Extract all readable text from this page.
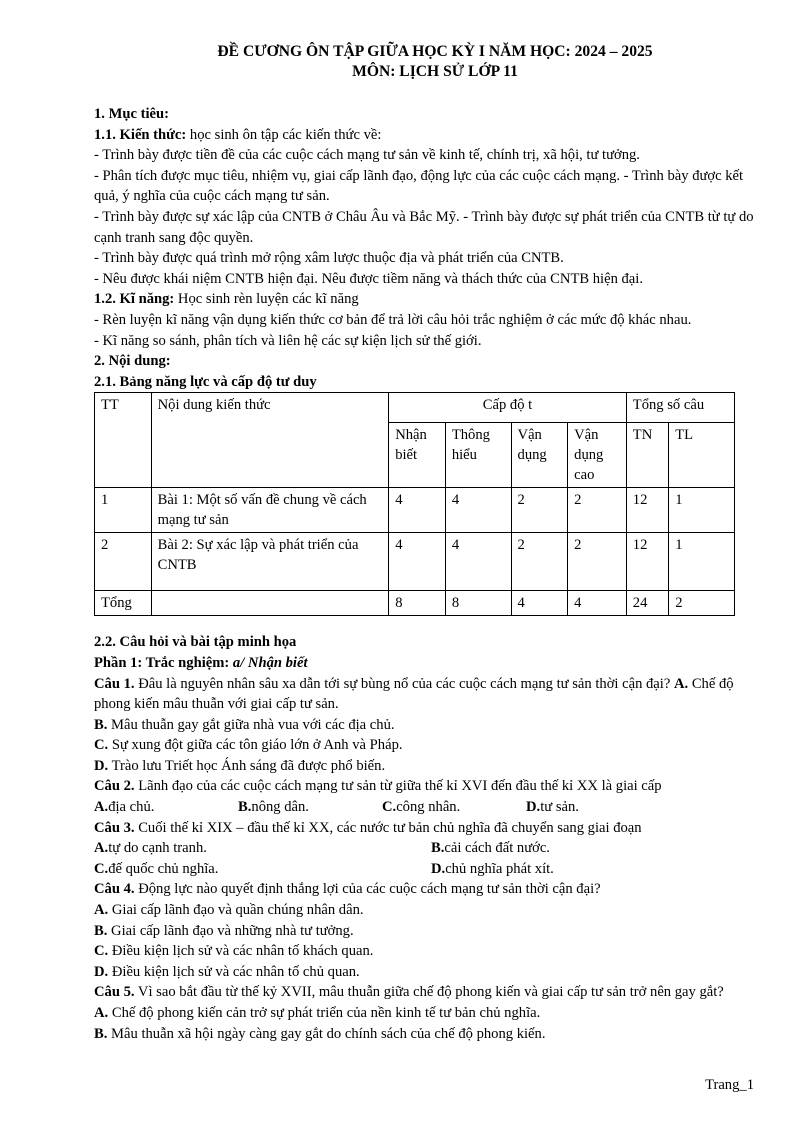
ĐỀ CƯƠNG ÔN TẬP GIỮA HỌC KỲ I NĂM HỌC: 2024 – 2025
MÔN: LỊCH SỬ LỚP 11

1. Mục tiêu:

1.1. Kiến thức: học sinh ôn tập các kiến thức về:

- Trình bày được tiền đề của các cuộc cách mạng tư sản về kinh tế, chính trị, xã hội, tư tưởng.

- Phân tích được mục tiêu, nhiệm vụ, giai cấp lãnh đạo, động lực của các cuộc cách mạng. - Trình bày được kết quả, ý nghĩa của cuộc cách mạng tư sản.

- Trình bày được sự xác lập của CNTB ở Châu Âu và Bắc Mỹ. - Trình bày được sự phát triển của CNTB từ tự do cạnh tranh sang độc quyền.

- Trình bày được quá trình mở rộng xâm lược thuộc địa và phát triển của CNTB.

- Nêu được khái niệm CNTB hiện đại. Nêu được tiềm năng và thách thức của CNTB hiện đại.

1.2. Kĩ năng: Học sinh rèn luyện các kĩ năng

- Rèn luyện kĩ năng vận dụng kiến thức cơ bản để trả lời câu hỏi trắc nghiệm ở các mức độ khác nhau.

- Kĩ năng so sánh, phân tích và liên hệ các sự kiện lịch sử thế giới.

2. Nội dung:

2.1. Bảng năng lực và cấp độ tư duy

TT	Nội dung kiến thức	Cấp độ t				Tổng số câu	
		Nhận biết	Thông hiểu	Vận dụng	Vận dụng cao	TN	TL
1	Bài 1: Một số vấn đề chung về cách mạng tư sản	4	4	2	2	12	1
2	Bài 2: Sự xác lập và phát triển của CNTB	4	4	2	2	12	1
Tổng		8	8	4	4	24	2

2.2. Câu hỏi và bài tập minh họa

Phần 1: Trắc nghiệm: a/ Nhận biết

Câu 1. Đâu là nguyên nhân sâu xa dẫn tới sự bùng nổ của các cuộc cách mạng tư sản thời cận đại? A. Chế độ phong kiến mâu thuẫn với giai cấp tư sản.

B. Mâu thuẫn gay gắt giữa nhà vua với các địa chủ.

C. Sự xung đột giữa các tôn giáo lớn ở Anh và Pháp.

D. Trào lưu Triết học Ánh sáng đã được phổ biến.

Câu 2. Lãnh đạo của các cuộc cách mạng tư sản từ giữa thế kỉ XVI đến đầu thế kỉ XX là giai cấp

A.địa chủ.	B.nông dân.	C.công nhân.	D.tư sản.

Câu 3. Cuối thế kỉ XIX – đầu thế kỉ XX, các nước tư bản chủ nghĩa đã chuyển sang giai đoạn

A.tự do cạnh tranh.	B.cải cách đất nước.

C.đế quốc chủ nghĩa.	D.chủ nghĩa phát xít.

Câu 4. Động lực nào quyết định thắng lợi của các cuộc cách mạng tư sản thời cận đại?

A. Giai cấp lãnh đạo và quần chúng nhân dân.

B. Giai cấp lãnh đạo và những nhà tư tưởng.

C. Điều kiện lịch sử và các nhân tố khách quan.

D. Điều kiện lịch sử và các nhân tố chủ quan.

Câu 5. Vì sao bắt đầu từ thế kỷ XVII, mâu thuẫn giữa chế độ phong kiến và giai cấp tư sản trở nên gay gắt?

A. Chế độ phong kiến cản trở sự phát triển của nền kinh tế tư bản chủ nghĩa.

B. Mâu thuẫn xã hội ngày càng gay gắt do chính sách của chế độ phong kiến.

Trang_1
